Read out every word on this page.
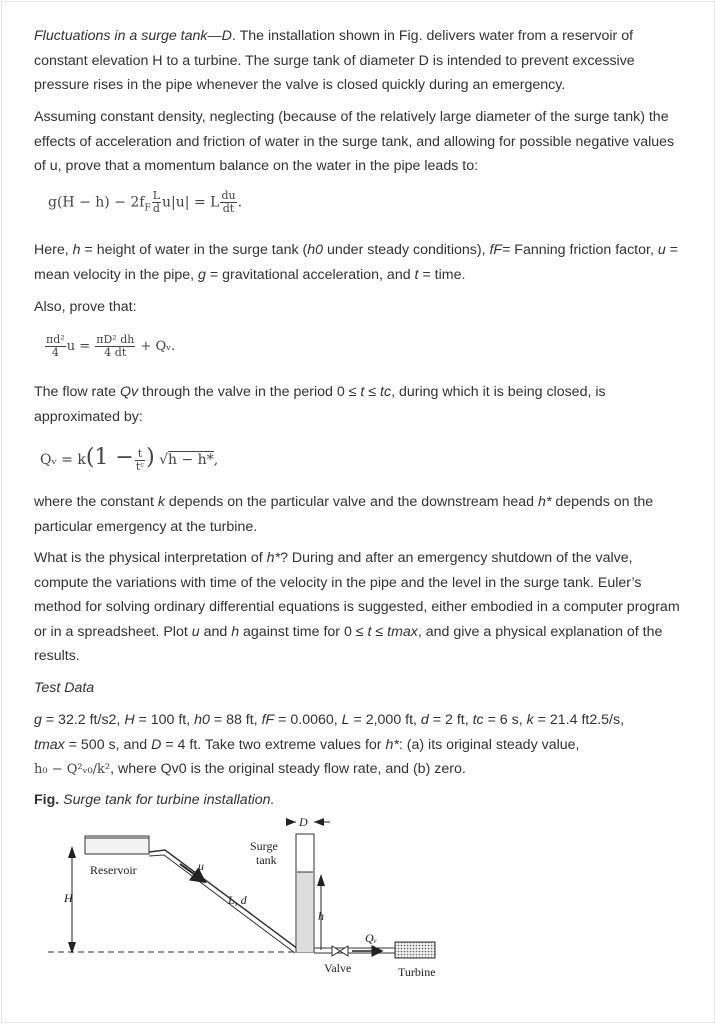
Fluctuations in a surge tank—D. The installation shown in Fig. delivers water from a reservoir of constant elevation H to a turbine. The surge tank of diameter D is intended to prevent excessive pressure rises in the pipe whenever the valve is closed quickly during an emergency.
Assuming constant density, neglecting (because of the relatively large diameter of the surge tank) the effects of acceleration and friction of water in the surge tank, and allowing for possible negative values of u, prove that a momentum balance on the water in the pipe leads to:
$g(H - h) - 2f_F \frac{L}{d} u|u| = L \frac{du}{dt}$ .
Here, h = height of water in the surge tank (h0 under steady conditions), fF= Fanning friction factor, u = mean velocity in the pipe, g = gravitational acceleration, and t = time.
Also, prove that:
$\frac{\text{πd²}}{4}$ $u = \frac{\text{πD² dh}}{4 dt}$ + Qᵥ.
The flow rate Qv through the valve in the period 0 ≤ t ≤ tc, during which it is being closed, is approximated by:
Qᵥ = $k(1 - \frac{t}{\text{tᶜ}}$ ) √h − h*,
where the constant k depends on the particular valve and the downstream head h* depends on the particular emergency at the turbine.
What is the physical interpretation of h*? During and after an emergency shutdown of the valve, compute the variations with time of the velocity in the pipe and the level in the surge tank. Euler’s method for solving ordinary differential equations is suggested, either embodied in a computer program or in a spreadsheet. Plot u and h against time for 0 ≤ t ≤ tmax, and give a physical explanation of the results.
Test Data
g = 32.2 ft/s2, H = 100 ft, h0 = 88 ft, fF = 0.0060, L = 2,000 ft, d = 2 ft, tc = 6 s, k = 21.4 ft2.5/s,
tmax = 500 s, and D = 4 ft. Take two extreme values for h*: (a) its original steady value,
h₀ − Q²ᵥ₀/k², where Qv0 is the original steady flow rate, and (b) zero.
Fig. Surge tank for turbine installation.
H
Reservoir	u
L, d
Surge
tank
D
h
Valve
Qᵥ
Turbine
